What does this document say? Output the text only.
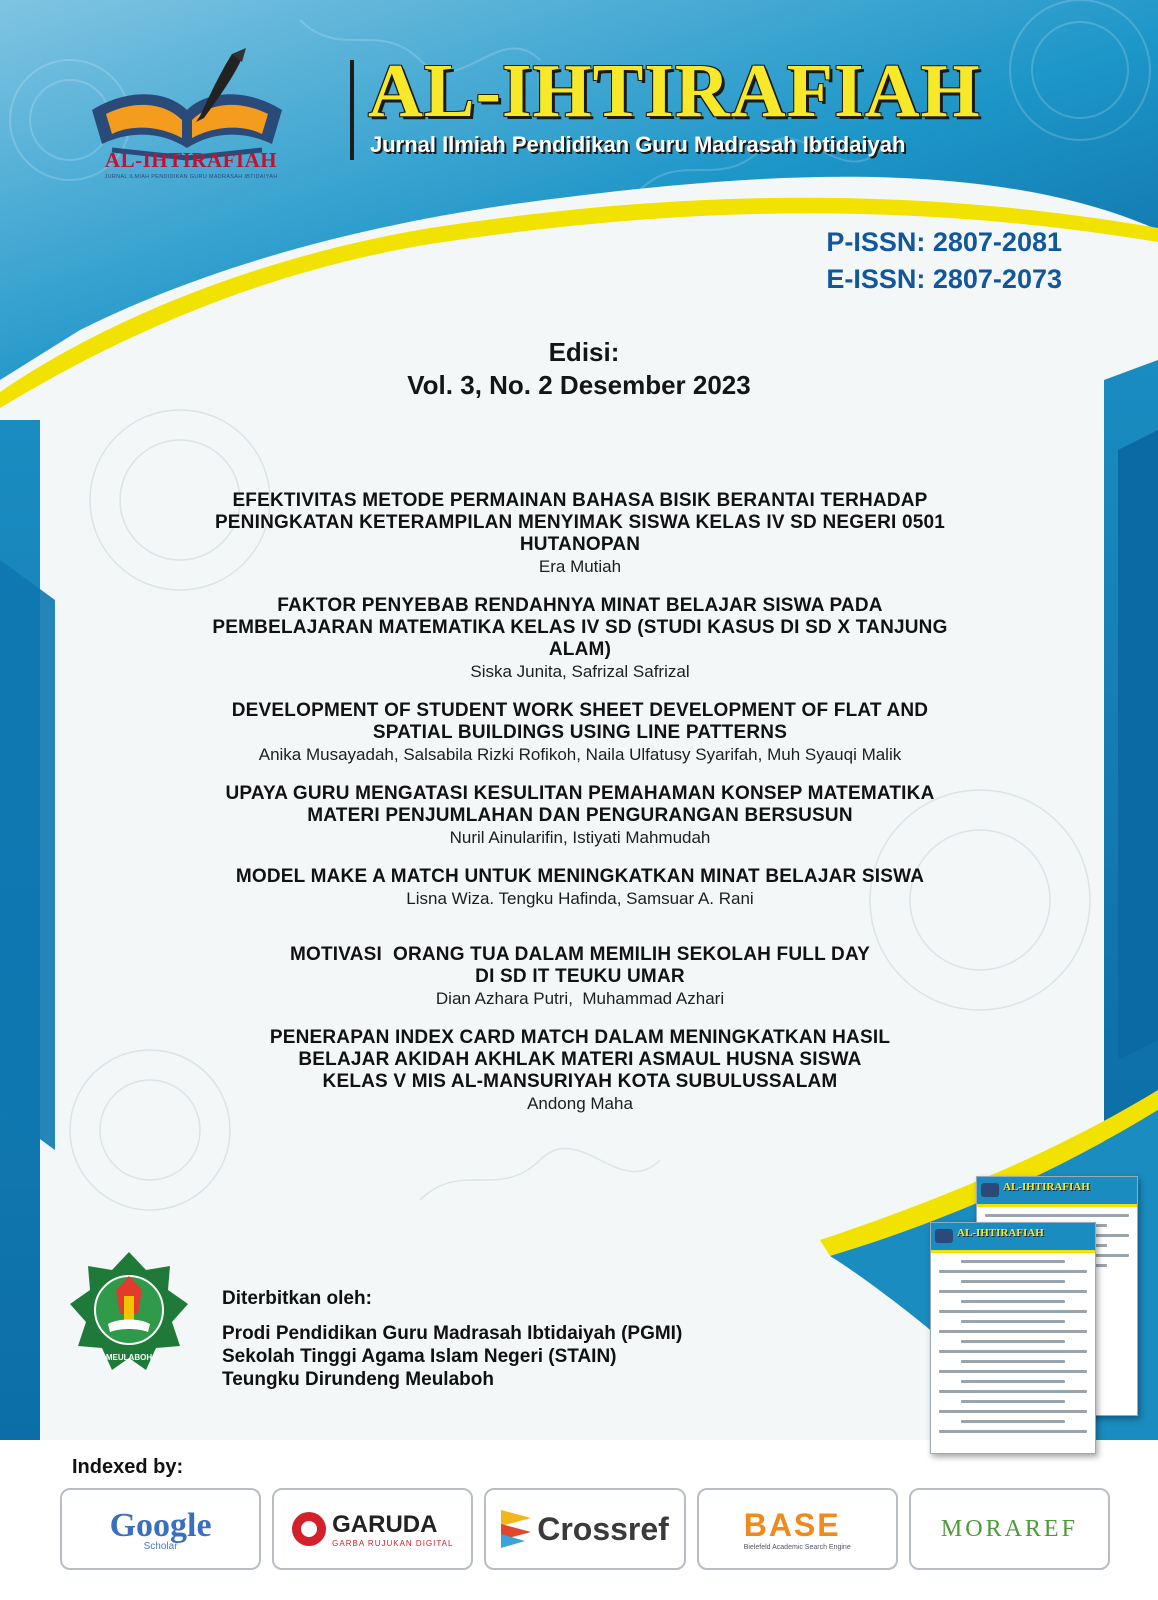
AL-IHTIRAFIAH
JURNAL ILMIAH PENDIDIKAN GURU MADRASAH IBTIDAIYAH
AL-IHTIRAFIAH
Jurnal Ilmiah Pendidikan Guru Madrasah Ibtidaiyah
P-ISSN: 2807-2081
E-ISSN: 2807-2073
Edisi:
Vol. 3, No. 2 Desember 2023
EFEKTIVITAS METODE PERMAINAN BAHASA BISIK BERANTAI TERHADAP
PENINGKATAN KETERAMPILAN MENYIMAK SISWA KELAS IV SD NEGERI 0501
HUTANOPAN
Era Mutiah
FAKTOR PENYEBAB RENDAHNYA MINAT BELAJAR SISWA PADA
PEMBELAJARAN MATEMATIKA KELAS IV SD (STUDI KASUS DI SD X TANJUNG
ALAM)
Siska Junita, Safrizal Safrizal
DEVELOPMENT OF STUDENT WORK SHEET DEVELOPMENT OF FLAT AND
SPATIAL BUILDINGS USING LINE PATTERNS
Anika Musayadah, Salsabila Rizki Rofikoh, Naila Ulfatusy Syarifah, Muh Syauqi Malik
UPAYA GURU MENGATASI KESULITAN PEMAHAMAN KONSEP MATEMATIKA
MATERI PENJUMLAHAN DAN PENGURANGAN BERSUSUN
Nuril Ainularifin, Istiyati Mahmudah
MODEL MAKE A MATCH UNTUK MENINGKATKAN MINAT BELAJAR SISWA
Lisna Wiza. Tengku Hafinda, Samsuar A. Rani
MOTIVASI  ORANG TUA DALAM MEMILIH SEKOLAH FULL DAY
DI SD IT TEUKU UMAR
Dian Azhara Putri,  Muhammad Azhari
PENERAPAN INDEX CARD MATCH DALAM MENINGKATKAN HASIL
BELAJAR AKIDAH AKHLAK MATERI ASMAUL HUSNA SISWA
KELAS V MIS AL-MANSURIYAH KOTA SUBULUSSALAM
Andong Maha
MEULABOH
Diterbitkan oleh:
Prodi Pendidikan Guru Madrasah Ibtidaiyah (PGMI)
Sekolah Tinggi Agama Islam Negeri (STAIN)
Teungku Dirundeng Meulaboh
AL-IHTIRAFIAH
AL-IHTIRAFIAH
Indexed by:
Google
Scholar
GARUDA
GARBA RUJUKAN DIGITAL	Crossref BASE
Bielefeld Academic Search Engine
MORAREF
